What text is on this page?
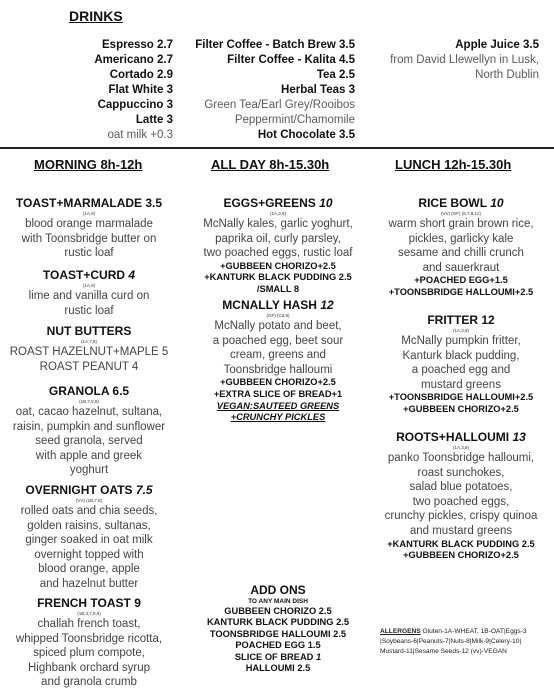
DRINKS
Espresso 2.7
Americano 2.7
Cortado 2.9
Flat White 3
Cappuccino 3
Latte 3
oat milk +0.3
Filter Coffee - Batch Brew 3.5
Filter Coffee - Kalita 4.5
Tea 2.5
Herbal Teas 3
Green Tea/Earl Grey/Rooibos
Peppermint/Chamomile
Hot Chocolate 3.5
Apple Juice 3.5
from David Llewellyn in Lusk,
North Dublin
MORNING 8h-12h	ALL DAY 8h-15.30h	LUNCH 12h-15.30h
TOAST+MARMALADE 3.5
(1A,9)
blood orange marmalade
with Toonsbridge butter on
rustic loaf
TOAST+CURD 4
(1A,9)
lime and vanilla curd on
rustic loaf
NUT BUTTERS
(1A,7,8)
ROAST HAZELNUT+MAPLE 5
ROAST PEANUT 4
GRANOLA 6.5
(1B,7,8,9)
oat, cacao hazelnut, sultana,
raisin, pumpkin and sunflower
seed granola, served
with apple and greek
yoghurt
OVERNIGHT OATS 7.5
(VV) (1B,7,8)
rolled oats and chia seeds,
golden raisins, sultanas,
ginger soaked in oat milk
overnight topped with
blood orange, apple
and hazelnut butter
FRENCH TOAST 9
(1B,3,7,8,9)
challah french toast,
whipped Toonsbridge ricotta,
spiced plum compote,
Highbank orchard syrup
and granola crumb
EGGS+GREENS 10
(1A,3,9)
McNally kales, garlic yoghurt,
paprika oil, curly parsley,
two poached eggs, rustic loaf
+GUBBEEN CHORIZO+2.5
+KANTURK BLACK PUDDING 2.5
/SMALL 8
MCNALLY HASH 12
(GF) (C3,9)
McNally potato and beet,
a poached egg, beet sour
cream, greens and
Toonsbridge halloumi
+GUBBEEN CHORIZO+2.5
+EXTRA SLICE OF BREAD+1
VEGAN:SAUTEED GREENS
+CRUNCHY PICKLES
ADD ONS
TO ANY MAIN DISH
GUBBEEN CHORIZO 2.5
KANTURK BLACK PUDDING 2.5
TOONSBRIDGE HALLOUMI 2.5
POACHED EGG 1.5
SLICE OF BREAD 1
HALLOUMI 2.5
RICE BOWL 10
(VV) (GF) (6,7,8,12)
warm short grain brown rice,
pickles, garlicky kale
sesame and chilli crunch
and sauerkraut
+POACHED EGG+1.5
+TOONSBRIDGE HALLOUMI+2.5
FRITTER 12
(1A,3,9)
McNally pumpkin fritter,
Kanturk black pudding,
a poached egg and
mustard greens
+TOONSBRIDGE HALLOUMI+2.5
+GUBBEEN CHORIZO+2.5
ROOTS+HALLOUMI 13
(1A,3,9)
panko Toonsbridge halloumi,
roast sunchokes,
salad blue potatoes,
two poached eggs,
crunchy pickles, crispy quinoa
and mustard greens
+KANTURK BLACK PUDDING 2.5
+GUBBEEN CHORIZO+2.5
ALLERGENS Gluten-1A-WHEAT, 1B-OAT|Eggs-3
|Soybeans-6|Peanuts-7|Nuts-8|Milk-9|Celery-10|
Mustard-11|Sesame Seeds-12 (vv)-VEGAN
